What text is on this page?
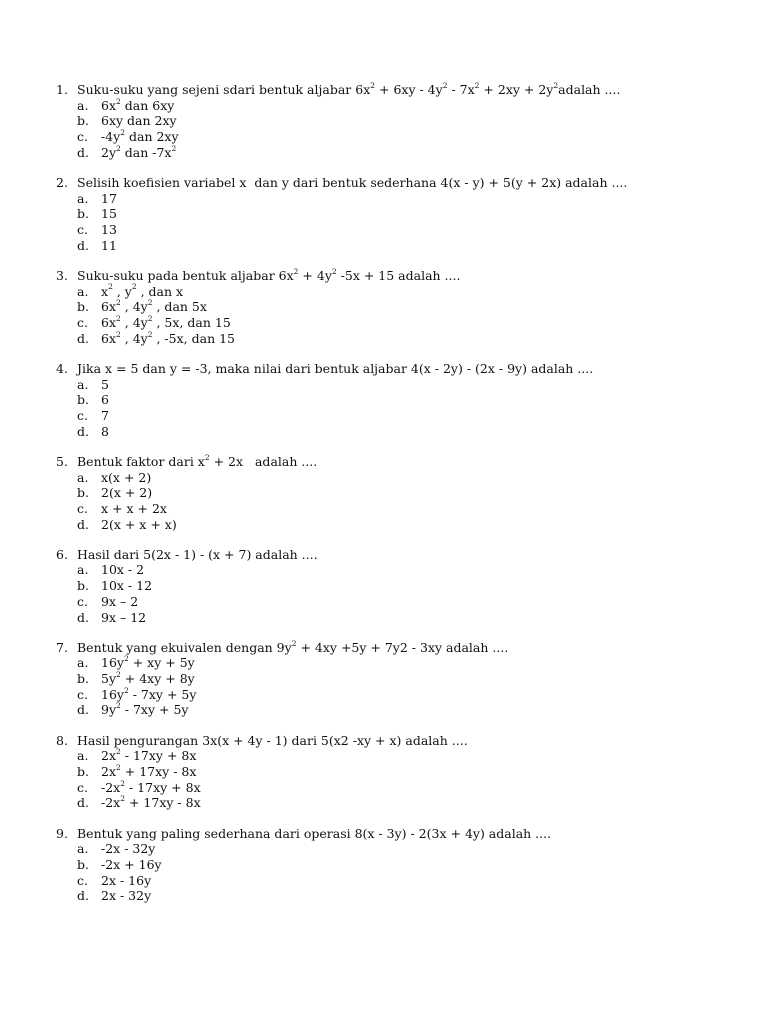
1. Suku-suku yang sejeni sdari bentuk aljabar $6x^2 + 6xy - 4y^2 - 7x^2 + 2xy$ + $2y^2adalah$ ....
a.	$6x^2$ dan 6xy
b. 6xy dan 2xy
c.	$-4y^2$ dan 2xy
d. $2y^2$ dan $-7x^2$
2. Selisih koefisien variabel x  dan y dari bentuk sederhana 4(x - y) + 5(y + 2x) adalah ....
a.	17
b. 15
c.	13
d. 11
3. Suku-suku pada bentuk aljabar $6x^2 + 4y^2$ -5x + 15 adalah ....
a.	$x^2$ , $y^2$ , dan x
b. $6x^2$ , $4y^2$ , dan 5x
c.	$6x^2$ , $4y^2$ , 5x, dan 15
d. $6x^2$ , $4y^2$ , -5x, dan 15
4. Jika x = 5 dan y = -3, maka nilai dari bentuk aljabar 4(x - 2y) - (2x - 9y) adalah ....
a.	5
b. 6
c.	7
d. 8
5. Bentuk faktor dari $x^2 + 2x$   adalah ....
a.	x(x + 2)
b. 2(x + 2)
c.	x + x + 2x
d. 2(x + x + x)
6. Hasil dari 5(2x - 1) - (x + 7) adalah ....
a.	10x - 2
b. 10x - 12
c.	9x – 2
d. 9x – 12
7. Bentuk yang ekuivalen dengan $9y^2 + 4xy +5y + 7y2 - 3xy$ adalah ....
a.	$16y^2$ + xy + 5y
b. $5y^2 + 4xy + 8y$
c.	$16y^2 - 7xy + 5y$
d. $9y^2 - 7xy + 5y$
8. Hasil pengurangan 3x(x + 4y - 1) dari 5(x2 -xy + x) adalah ....
a.	$2x^2 - 17xy + 8x$
b. $2x^2 + 17xy - 8x$
c.	$-2x^2 - 17xy + 8x$
d. $-2x^2 + 17xy - 8x$
9. Bentuk yang paling sederhana dari operasi 8(x - 3y) - 2(3x + 4y) adalah ....
a.	-2x - 32y
b. -2x + 16y
c.	2x - 16y
d. 2x - 32y
